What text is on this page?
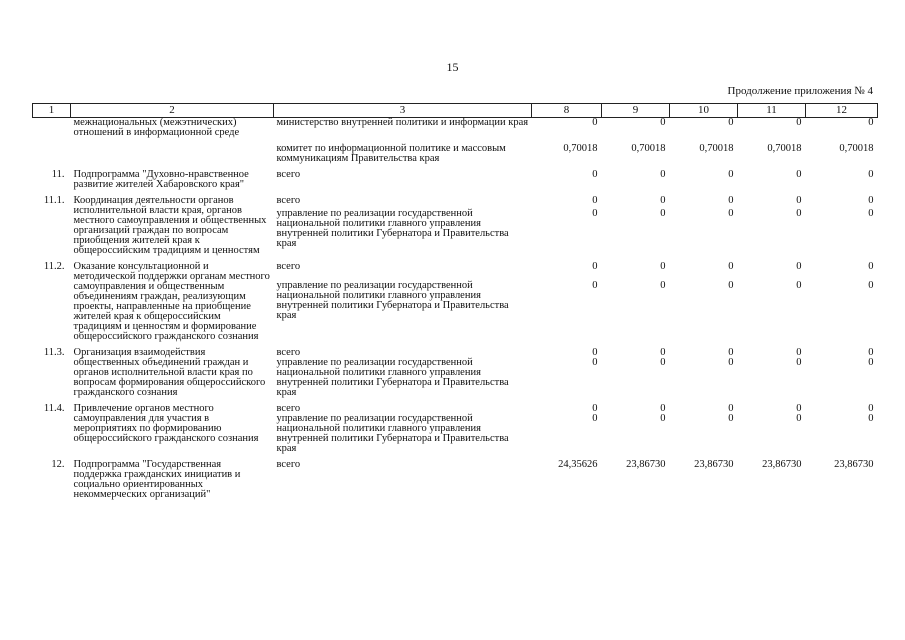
15
Продолжение приложения № 4
1	2	3	8	9	10	11	12
	межнациональных (межэтнических) отношений в информационной среде	министерство внутренней политики и информации края	0	0	0	0	0
		комитет по информационной политике и массовым коммуникациям Правительства края	0,70018	0,70018	0,70018	0,70018	0,70018
11.	Подпрограмма "Духовно-нравственное развитие жителей Хабаровского края"	всего	0	0	0	0	0
11.1.	Координация деятельности органов исполнительной власти края, органов местного самоуправления и общественных организаций граждан по вопросам приобщения жителей края к общероссийским традициям и ценностям	всего	0	0	0	0	0
		управление по реализации государственной национальной политики главного управления внутренней политики Губернатора и Правительства края	0	0	0	0	0
11.2.	Оказание консультационной и методической поддержки органам местного самоуправления и общественным объединениям граждан, реализующим проекты, направленные на приобщение жителей края к общероссийским традициям и ценностям и формирование общероссийского гражданского сознания	всего	0	0	0	0	0
		управление по реализации государственной национальной политики главного управления внутренней политики Губернатора и Правительства края	0	0	0	0	0
11.3.	Организация взаимодействия общественных объединений граждан и органов исполнительной власти края по вопросам формирования общероссийского гражданского сознания	всего	0	0	0	0	0
		управление по реализации государственной национальной политики главного управления внутренней политики Губернатора и Правительства края	0	0	0	0	0
11.4.	Привлечение органов местного самоуправления для участия в мероприятиях по формированию общероссийского гражданского сознания	всего	0	0	0	0	0
		управление по реализации государственной национальной политики главного управления внутренней политики Губернатора и Правительства края	0	0	0	0	0
12.	Подпрограмма "Государственная поддержка гражданских инициатив и социально ориентированных некоммерческих организаций"	всего	24,35626	23,86730	23,86730	23,86730	23,86730
